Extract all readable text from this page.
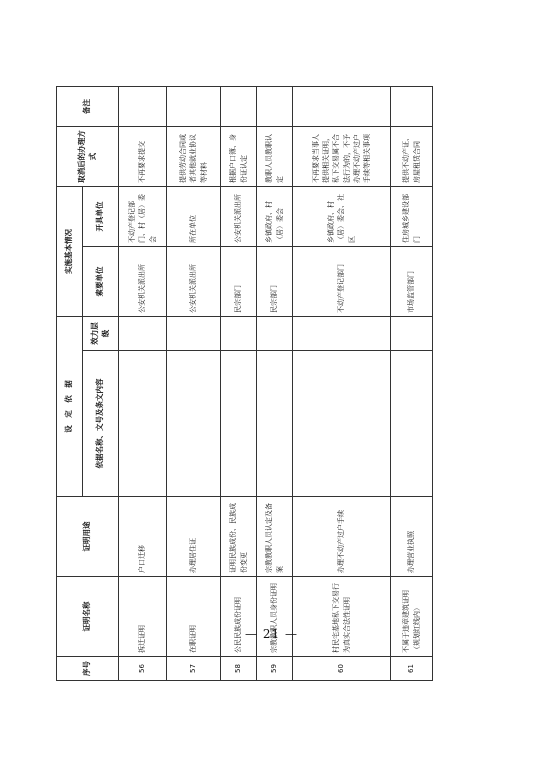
序号	证明名称	证明用途	设　定　依　据		实施基本情况		取消后的办理方式	备注
			依据名称、文号及条文内容	效力层级	索要单位	开具单位		

56	拆迁证明	户口迁移			公安机关派出所	不动产登记部门、村（居）委会	不再要求提交	
57	在职证明	办理居住证			公安机关派出所	所在单位	提供劳动合同或者其他就业协议等材料	
58	公民民族成份证明	证明民族成份、民族成份变更			民宗部门	公安机关派出所	根据户口簿、身份证认定	
59	宗教教职人员身份证明	宗教教职人员认定及备案			民宗部门	乡镇政府、村（居）委会	教职人员教职认定	
60	村民宅基地私下交易行为真实合法性证明	办理不动产过户手续			不动产登记部门	乡镇政府、村（居）委会、社区	不再要求当事人提供相关证明，私下交易属不合法行为的，不予办理不动产过户手续等相关事项	
61	不属于违章建筑证明（规划红线内）	办理营业执照			市场监管部门	住房城乡建设部门	提供不动产证、房屋租赁合同	
— 21 —
